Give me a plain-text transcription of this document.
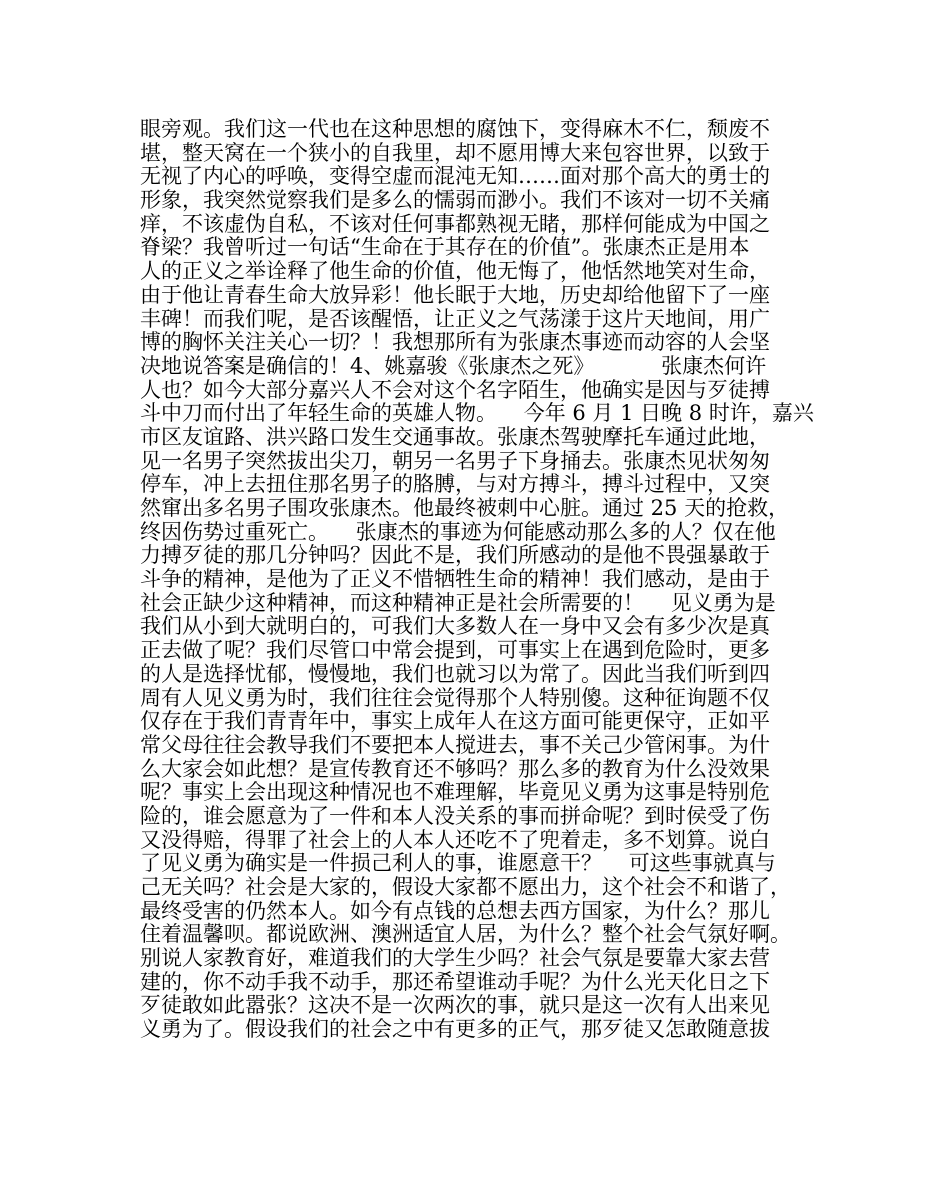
眼旁观。我们这一代也在这种思想的腐蚀下，变得麻木不仁，颓废不
堪，整天窝在一个狭小的自我里，却不愿用博大来包容世界，以致于
无视了内心的呼唤，变得空虚而混沌无知……面对那个高大的勇士的
形象，我突然觉察我们是多么的懦弱而渺小。我们不该对一切不关痛
痒，不该虚伪自私，不该对任何事都熟视无睹，那样何能成为中国之
脊梁？我曾听过一句话“生命在于其存在的价值”。张康杰正是用本
人的正义之举诠释了他生命的价值，他无悔了，他恬然地笑对生命，
由于他让青春生命大放异彩！他长眠于大地，历史却给他留下了一座
丰碑！而我们呢，是否该醒悟，让正义之气荡漾于这片天地间，用广
博的胸怀关注关心一切？！我想那所有为张康杰事迹而动容的人会坚
决地说答案是确信的！4、姚嘉骏《张康杰之死》          张康杰何许
人也？如今大部分嘉兴人不会对这个名字陌生，他确实是因与歹徒搏
斗中刀而付出了年轻生命的英雄人物。    今年 6 月 1 日晚 8 时许，嘉兴
市区友谊路、洪兴路口发生交通事故。张康杰驾驶摩托车通过此地，
见一名男子突然拔出尖刀，朝另一名男子下身捅去。张康杰见状匆匆
停车，冲上去扭住那名男子的胳膊，与对方搏斗，搏斗过程中，又突
然窜出多名男子围攻张康杰。他最终被刺中心脏。通过 25 天的抢救，
终因伤势过重死亡。    张康杰的事迹为何能感动那么多的人？仅在他
力搏歹徒的那几分钟吗？因此不是，我们所感动的是他不畏强暴敢于
斗争的精神，是他为了正义不惜牺牲生命的精神！我们感动，是由于
社会正缺少这种精神，而这种精神正是社会所需要的！    见义勇为是
我们从小到大就明白的，可我们大多数人在一身中又会有多少次是真
正去做了呢？我们尽管口中常会提到，可事实上在遇到危险时，更多
的人是选择忧郁，慢慢地，我们也就习以为常了。因此当我们听到四
周有人见义勇为时，我们往往会觉得那个人特别傻。这种征询题不仅
仅存在于我们青青年中，事实上成年人在这方面可能更保守，正如平
常父母往往会教导我们不要把本人搅进去，事不关己少管闲事。为什
么大家会如此想？是宣传教育还不够吗？那么多的教育为什么没效果
呢？事实上会出现这种情况也不难理解，毕竟见义勇为这事是特别危
险的，谁会愿意为了一件和本人没关系的事而拼命呢？到时侯受了伤
又没得赔，得罪了社会上的人本人还吃不了兜着走，多不划算。说白
了见义勇为确实是一件损己利人的事，谁愿意干？    可这些事就真与
己无关吗？社会是大家的，假设大家都不愿出力，这个社会不和谐了，
最终受害的仍然本人。如今有点钱的总想去西方国家，为什么？那儿
住着温馨呗。都说欧洲、澳洲适宜人居，为什么？整个社会气氛好啊。
别说人家教育好，难道我们的大学生少吗？社会气氛是要靠大家去营
建的，你不动手我不动手，那还希望谁动手呢？为什么光天化日之下
歹徒敢如此嚣张？这决不是一次两次的事，就只是这一次有人出来见
义勇为了。假设我们的社会之中有更多的正气，那歹徒又怎敢随意拔
